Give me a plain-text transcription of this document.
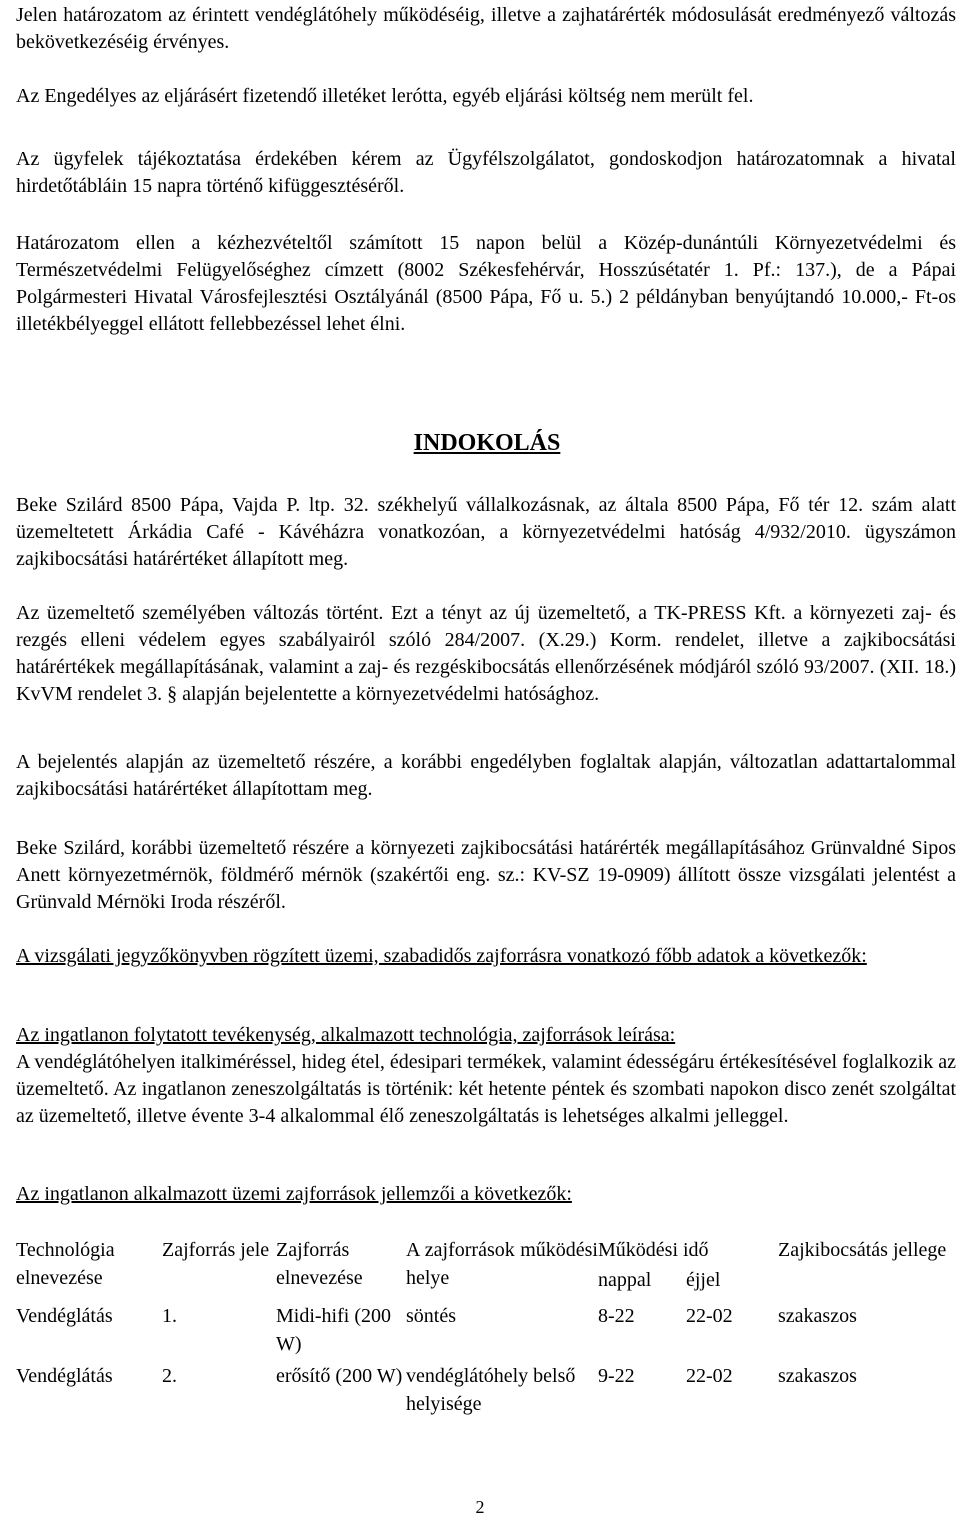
Jelen határozatom az érintett vendéglátóhely működéséig, illetve a zajhatárérték módosulását eredményező változás bekövetkezéséig érvényes.

Az Engedélyes az eljárásért fizetendő illetéket lerótta, egyéb eljárási költség nem merült fel.

Az ügyfelek tájékoztatása érdekében kérem az Ügyfélszolgálatot, gondoskodjon határozatomnak a hivatal hirdetőtábláin 15 napra történő kifüggesztéséről.

Határozatom ellen a kézhezvételtől számított 15 napon belül a Közép-dunántúli Környezetvédelmi és Természetvédelmi Felügyelőséghez címzett (8002 Székesfehérvár, Hosszúsétatér 1. Pf.: 137.), de a Pápai Polgármesteri Hivatal Városfejlesztési Osztályánál (8500 Pápa, Fő u. 5.) 2 példányban benyújtandó 10.000,- Ft-os illetékbélyeggel ellátott fellebbezéssel lehet élni.

INDOKOLÁS

Beke Szilárd 8500 Pápa, Vajda P. ltp. 32. székhelyű vállalkozásnak, az általa 8500 Pápa, Fő tér 12. szám alatt üzemeltetett Árkádia Café - Kávéházra vonatkozóan, a környezetvédelmi hatóság 4/932/2010. ügyszámon zajkibocsátási határértéket állapított meg.

Az üzemeltető személyében változás történt. Ezt a tényt az új üzemeltető, a TK-PRESS Kft. a környezeti zaj- és rezgés elleni védelem egyes szabályairól szóló 284/2007. (X.29.) Korm. rendelet, illetve a zajkibocsátási határértékek megállapításának, valamint a zaj- és rezgéskibocsátás ellenőrzésének módjáról szóló 93/2007. (XII. 18.) KvVM rendelet 3. § alapján bejelentette a környezetvédelmi hatósághoz.

A bejelentés alapján az üzemeltető részére, a korábbi engedélyben foglaltak alapján, változatlan adattartalommal zajkibocsátási határértéket állapítottam meg.

Beke Szilárd, korábbi üzemeltető részére a környezeti zajkibocsátási határérték megállapításához Grünvaldné Sipos Anett környezetmérnök, földmérő mérnök (szakértői eng. sz.: KV-SZ 19-0909) állított össze vizsgálati jelentést a Grünvald Mérnöki Iroda részéről.

A vizsgálati jegyzőkönyvben rögzített üzemi, szabadidős zajforrásra vonatkozó főbb adatok a következők:

Az ingatlanon folytatott tevékenység, alkalmazott technológia, zajforrások leírása:

A vendéglátóhelyen italkiméréssel, hideg étel, édesipari termékek, valamint édességáru értékesítésével foglalkozik az üzemeltető. Az ingatlanon zeneszolgáltatás is történik: két hetente péntek és szombati napokon disco zenét szolgáltat az üzemeltető, illetve évente 3-4 alkalommal élő zeneszolgáltatás is lehetséges alkalmi jelleggel.

Az ingatlanon alkalmazott üzemi zajforrások jellemzői a következők:

Technológia elnevezése	Zajforrás jele	Zajforrás elnevezése	A zajforrások működési helye	Működési idő		Zajkibocsátás jellege
				nappal	éjjel	
Vendéglátás	1.	Midi-hifi (200 W)	söntés	8-22	22-02	szakaszos
Vendéglátás	2.	erősítő (200 W)	vendéglátóhely belső helyisége	9-22	22-02	szakaszos
2
